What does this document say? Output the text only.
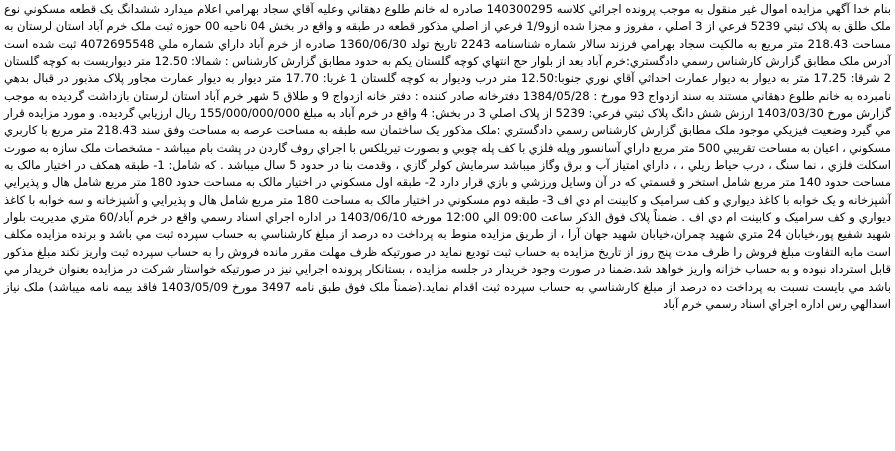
بنام خدا آگهي مزايده اموال غير منقول به موجب پرونده اجرائي كلاسه 140300295 صادره له خانم طلوع دهقاني وعليه آقاي سجاد بهرامي اعلام ميدارد ششدانگ يک قطعه مسکوني نوع ملک طلق به پلاک ثبتي 5239 فرعي از 3 اصلي ، مفروز و مجزا شده ازو1/9 فرعي از اصلي مذکور قطعه در طبقه و واقع در بخش 04 ناحيه 00 حوزه ثبت ملک خرم آباد استان لرستان به مساحت 218.43 متر مربع به مالکيت سجاد بهرامي فرزند سالار شماره شناسنامه 2243 تاريخ تولد 1360/06/30 صادره از خرم آباد داراي شماره ملي 4072695548 ثبت شده است آدرس ملک مطابق گزارش کارشناس رسمي دادگستري:خرم آباد بعد از بلوار حج انتهاي کوچه گلستان يکم به حدود مطابق گزارش کارشناس : شمالا: 12.50 متر ديواريست به کوچه گلستان 2 شرقا: 17.25 متر به ديوار به ديوار عمارت احداثي آقاي نوري جنوبا:12.50 متر درب وديوار به کوچه گلستان 1 غربا: 17.70 متر ديوار به ديوار عمارت مجاور پلاک مذبور در قبال بدهي نامبرده به خانم طلوع دهقاني مستند به سند ازدواج 93 مورخ : 1384/05/28 دفترخانه صادر کننده : دفتر خانه ازدواج 9 و طلاق 5 شهر خرم آباد استان لرستان بازداشت گرديده به موجب گزارش مورخ 1403/03/30 ارزش شش دانگ پلاک ثبتي فرعي: 5239 از پلاک اصلي 3 در بخش: 4 واقع در خرم آباد به مبلغ 155/000/000/000 ريال ارزيابي گرديده. و مورد مزايده قرار مي گيرد وضعيت فيزيکي موجود ملک مطابق گزارش کارشناس رسمي دادگستري :ملک مذکور يک ساختمان سه طبقه به مساحت عرصه به مساحت وفق سند 218.43 متر مربع با کاربري مسکوني ، اعيان به مساحت تقريبي 500 متر مربع داراي آسانسور وپله فلزي با کف پله چوبي و بصورت تيريلکس با اجراي روف گاردن در پشت بام ميباشد - مشخصات ملک سازه به صورت اسکلت فلزي ، نما سنگ ، درب حياط ريلي ، ، داراي امتياز آب و برق وگاز ميباشد سرمايش کولر گازي ، وقدمت بنا در حدود 5 سال ميباشد . که شامل: 1- طبقه همکف در اختيار مالک به مساحت حدود 140 متر مربع شامل استخر و قسمتي که در آن وسايل ورزشي و بازي قرار دارد 2- طبقه اول مسکوني در اختيار مالک به مساحت حدود 180 متر مربع شامل هال و پذيرايي آشپزخانه و يک خوابه با کاغذ ديواري و کف سراميک و کابينت ام دي اف 3- طبقه دوم مسکوني در اختيار مالک به مساحت 180 متر مربع شامل هال و پذيرايي و آشپزخانه و سه خوابه با کاغذ ديواري و کف سراميک و کابينت ام دي اف . ضمناً پلاک فوق الذکر ساعت 09:00 الي 12:00 مورخه 1403/06/10 در اداره اجراي اسناد رسمي واقع در خرم آباد/60 متري مديريت بلوار شهيد شفيع پور،خيابان 24 متري شهيد چمران،خيابان شهيد جهان آرا ، از طريق مزايده منوط به پرداخت ده درصد از مبلغ کارشناسي به حساب سپرده ثبت مي باشد و برنده مزايده مکلف است مابه التفاوت مبلغ فروش را ظرف مدت پنج روز از تاريخ مزايده به حساب ثبت توديع نمايد در صورتيکه ظرف مهلت مقرر مانده فروش را به حساب سپرده ثبت واريز نکند مبلغ مذکور قابل استرداد نبوده و به حساب خزانه واريز خواهد شد.ضمنا در صورت وجود خريدار در جلسه مزايده ، بستانکار پرونده اجرايي نيز در صورتيکه خواستار شرکت در مزايده بعنوان خريدار مي باشد مي بايست نسبت به پرداخت ده درصد از مبلغ کارشناسي به حساب سپرده ثبت اقدام نمايد.(ضمناً ملک فوق طبق نامه 3497 مورخ 1403/05/09 فاقد بيمه نامه ميباشد) ملک نياز اسدالهي رس اداره اجراي اسناد رسمي خرم آباد
